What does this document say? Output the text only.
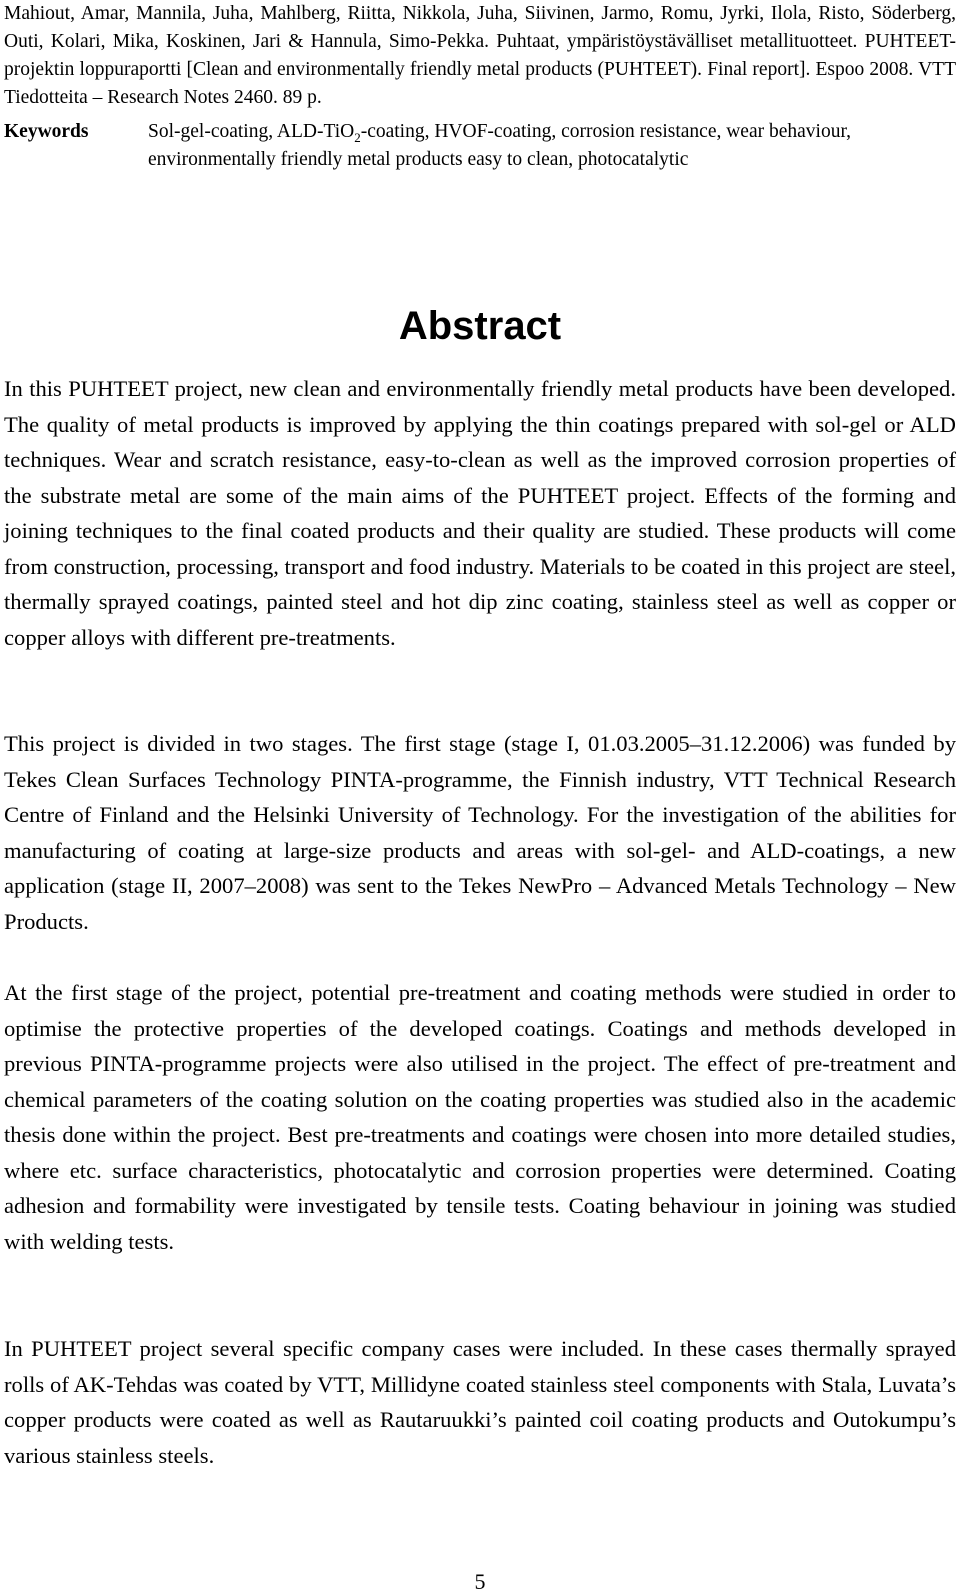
Mahiout, Amar, Mannila, Juha, Mahlberg, Riitta, Nikkola, Juha, Siivinen, Jarmo, Romu, Jyrki, Ilola, Risto, Söderberg, Outi, Kolari, Mika, Koskinen, Jari & Hannula, Simo-Pekka. Puhtaat, ympäristöystävälliset metallituotteet. PUHTEET-projektin loppuraportti [Clean and environmentally friendly metal products (PUHTEET). Final report]. Espoo 2008. VTT Tiedotteita – Research Notes 2460. 89 p.
Keywords	Sol-gel-coating, ALD-TiO$_2$-coating, HVOF-coating, corrosion resistance, wear behaviour, environmentally friendly metal products easy to clean, photocatalytic
Abstract

In this PUHTEET project, new clean and environmentally friendly metal products have been developed. The quality of metal products is improved by applying the thin coatings prepared with sol-gel or ALD techniques. Wear and scratch resistance, easy-to-clean as well as the improved corrosion properties of the substrate metal are some of the main aims of the PUHTEET project. Effects of the forming and joining techniques to the final coated products and their quality are studied. These products will come from construction, processing, transport and food industry. Materials to be coated in this project are steel, thermally sprayed coatings, painted steel and hot dip zinc coating, stainless steel as well as copper or copper alloys with different pre-treatments.

This project is divided in two stages. The first stage (stage I, 01.03.2005–31.12.2006) was funded by Tekes Clean Surfaces Technology PINTA-programme, the Finnish industry, VTT Technical Research Centre of Finland and the Helsinki University of Technology. For the investigation of the abilities for manufacturing of coating at large-size products and areas with sol-gel- and ALD-coatings, a new application (stage II, 2007–2008) was sent to the Tekes NewPro – Advanced Metals Technology – New Products.

At the first stage of the project, potential pre-treatment and coating methods were studied in order to optimise the protective properties of the developed coatings. Coatings and methods developed in previous PINTA-programme projects were also utilised in the project. The effect of pre-treatment and chemical parameters of the coating solution on the coating properties was studied also in the academic thesis done within the project. Best pre-treatments and coatings were chosen into more detailed studies, where etc. surface characteristics, photocatalytic and corrosion properties were determined. Coating adhesion and formability were investigated by tensile tests. Coating behaviour in joining was studied with welding tests.

In PUHTEET project several specific company cases were included. In these cases thermally sprayed rolls of AK-Tehdas was coated by VTT, Millidyne coated stainless steel components with Stala, Luvata’s copper products were coated as well as Rautaruukki’s painted coil coating products and Outokumpu’s various stainless steels.

5
